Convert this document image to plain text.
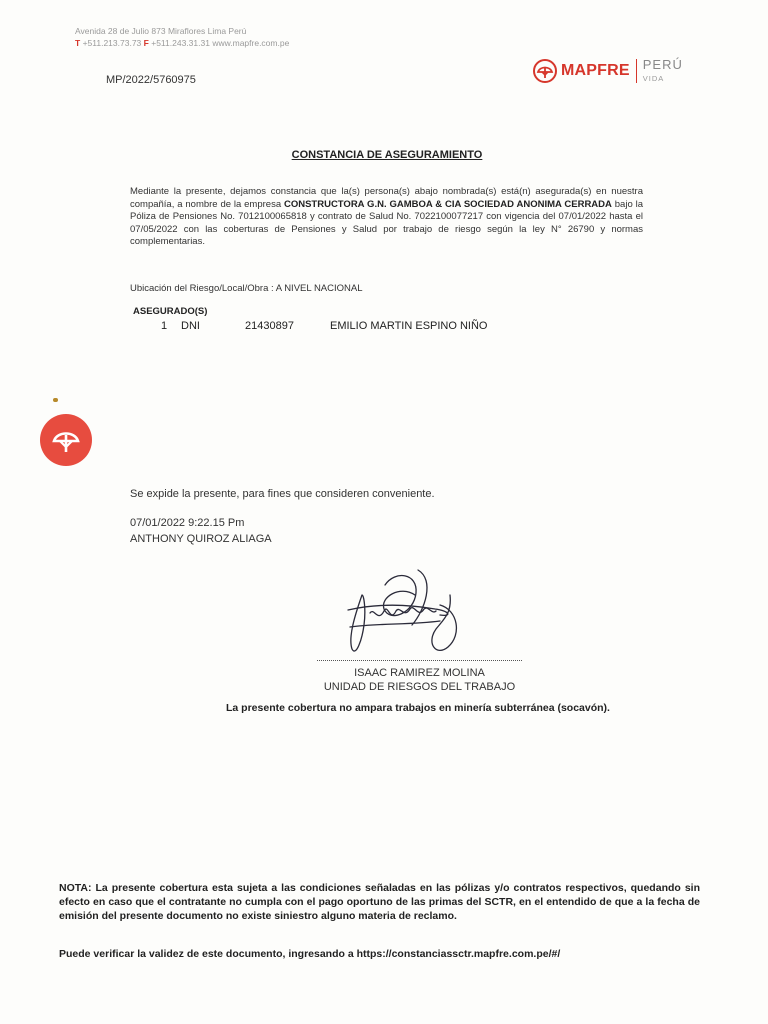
Avenida 28 de Julio 873 Miraflores Lima Perú
T +511.213.73.73 F +511.243.31.31 www.mapfre.com.pe
MP/2022/5760975
MAPFRE PERÚ
VIDA
CONSTANCIA DE ASEGURAMIENTO
Mediante la presente, dejamos constancia que la(s) persona(s) abajo nombrada(s) está(n) asegurada(s) en nuestra compañía, a nombre de la empresa CONSTRUCTORA G.N. GAMBOA & CIA SOCIEDAD ANONIMA CERRADA bajo la Póliza de Pensiones No. 7012100065818 y contrato de Salud No. 7022100077217 con vigencia del 07/01/2022 hasta el 07/05/2022 con las coberturas de Pensiones y Salud por trabajo de riesgo según la ley N° 26790 y normas complementarias.
Ubicación del Riesgo/Local/Obra : A NIVEL NACIONAL
ASEGURADO(S)
1 DNI	21430897	EMILIO MARTIN ESPINO NIÑO
Se expide la presente, para fines que consideren conveniente.
07/01/2022 9:22.15 Pm
ANTHONY QUIROZ ALIAGA
ISAAC RAMIREZ MOLINA
UNIDAD DE RIESGOS DEL TRABAJO
La presente cobertura no ampara trabajos en minería subterránea (socavón).
NOTA: La presente cobertura esta sujeta a las condiciones señaladas en las pólizas y/o contratos respectivos, quedando sin efecto en caso que el contratante no cumpla con el pago oportuno de las primas del SCTR, en el entendido de que a la fecha de emisión del presente documento no existe siniestro alguno materia de reclamo.
Puede verificar la validez de este documento, ingresando a https://constanciassctr.mapfre.com.pe/#/
